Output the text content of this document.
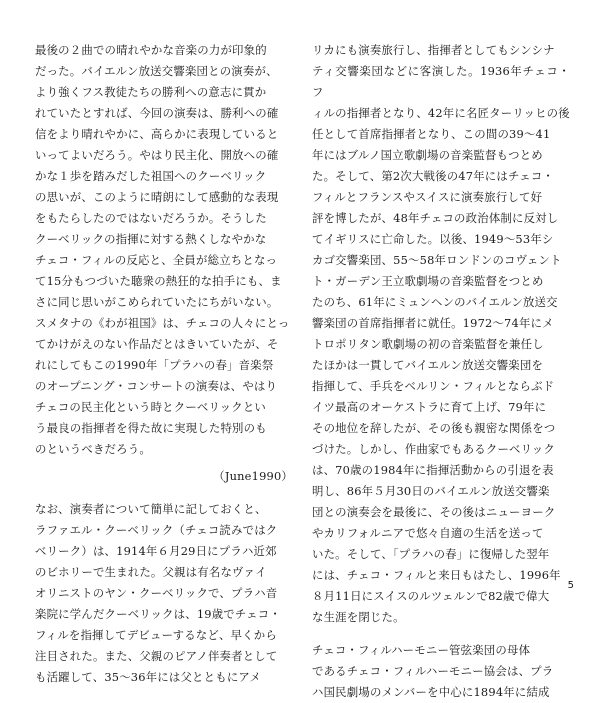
最後の２曲での晴れやかな音楽の力が印象的
だった。バイエルン放送交響楽団との演奏が、
より強くフス教徒たちの勝利への意志に貫か
れていたとすれば、今回の演奏は、勝利への確
信をより晴れやかに、高らかに表現していると
いってよいだろう。やはり民主化、開放への確
かな１歩を踏みだした祖国へのクーベリック
の思いが、このように晴朗にして感動的な表現
をもたらしたのではないだろうか。そうした
クーベリックの指揮に対する熱くしなやかな
チェコ・フィルの反応と、全員が総立ちとなっ
て15分もつづいた聴衆の熱狂的な拍手にも、ま
さに同じ思いがこめられていたにちがいない。
スメタナの《わが祖国》は、チェコの人々にとっ
てかけがえのない作品だとはきいていたが、そ
れにしてもこの1990年「プラハの春」音楽祭
のオープニング・コンサートの演奏は、やはり
チェコの民主化という時とクーベリックとい
う最良の指揮者を得た故に実現した特別のも
のというべきだろう。

（June1990）

なお、演奏者について簡単に記しておくと、
ラファエル・クーベリック（チェコ読みではク
ベリーク）は、1914年６月29日にプラハ近郊
のビホリーで生まれた。父親は有名なヴァイ
オリニストのヤン・クーベリックで、プラハ音
楽院に学んだクーベリックは、19歳でチェコ・
フィルを指揮してデビューするなど、早くから
注目された。また、父親のピアノ伴奏者として
も活躍して、35～36年には父とともにアメ

リカにも演奏旅行し、指揮者としてもシンシナ
ティ交響楽団などに客演した。1936年チェコ・フ
ィルの指揮者となり、42年に名匠ターリッヒの後
任として首席指揮者となり、この間の39～41
年にはブルノ国立歌劇場の音楽監督もつとめ
た。そして、第2次大戦後の47年にはチェコ・
フィルとフランスやスイスに演奏旅行して好
評を博したが、48年チェコの政治体制に反対し
てイギリスに亡命した。以後、1949～53年シ
カゴ交響楽団、55～58年ロンドンのコヴェント
ト・ガーデン王立歌劇場の音楽監督をつとめ
たのち、61年にミュンヘンのバイエルン放送交
響楽団の首席指揮者に就任。1972～74年にメ
トロポリタン歌劇場の初の音楽監督を兼任し
たほかは一貫してバイエルン放送交響楽団を
指揮して、手兵をベルリン・フィルとならぶド
イツ最高のオーケストラに育て上げ、79年に
その地位を辞したが、その後も親密な関係をつ
づけた。しかし、作曲家でもあるクーベリック
は、70歳の1984年に指揮活動からの引退を表
明し、86年５月30日のバイエルン放送交響楽
団との演奏会を最後に、その後はニューヨーク
やカリフォルニアで悠々自適の生活を送って
いた。そして、「プラハの春」に復帰した翌年
には、チェコ・フィルと来日もはたし、1996年
８月11日にスイスのルツェルンで82歳で偉大
な生涯を閉じた。

チェコ・フィルハーモニー管弦楽団の母体
であるチェコ・フィルハーモニー協会は、プラ
ハ国民劇場のメンバーを中心に1894年に結成

5
